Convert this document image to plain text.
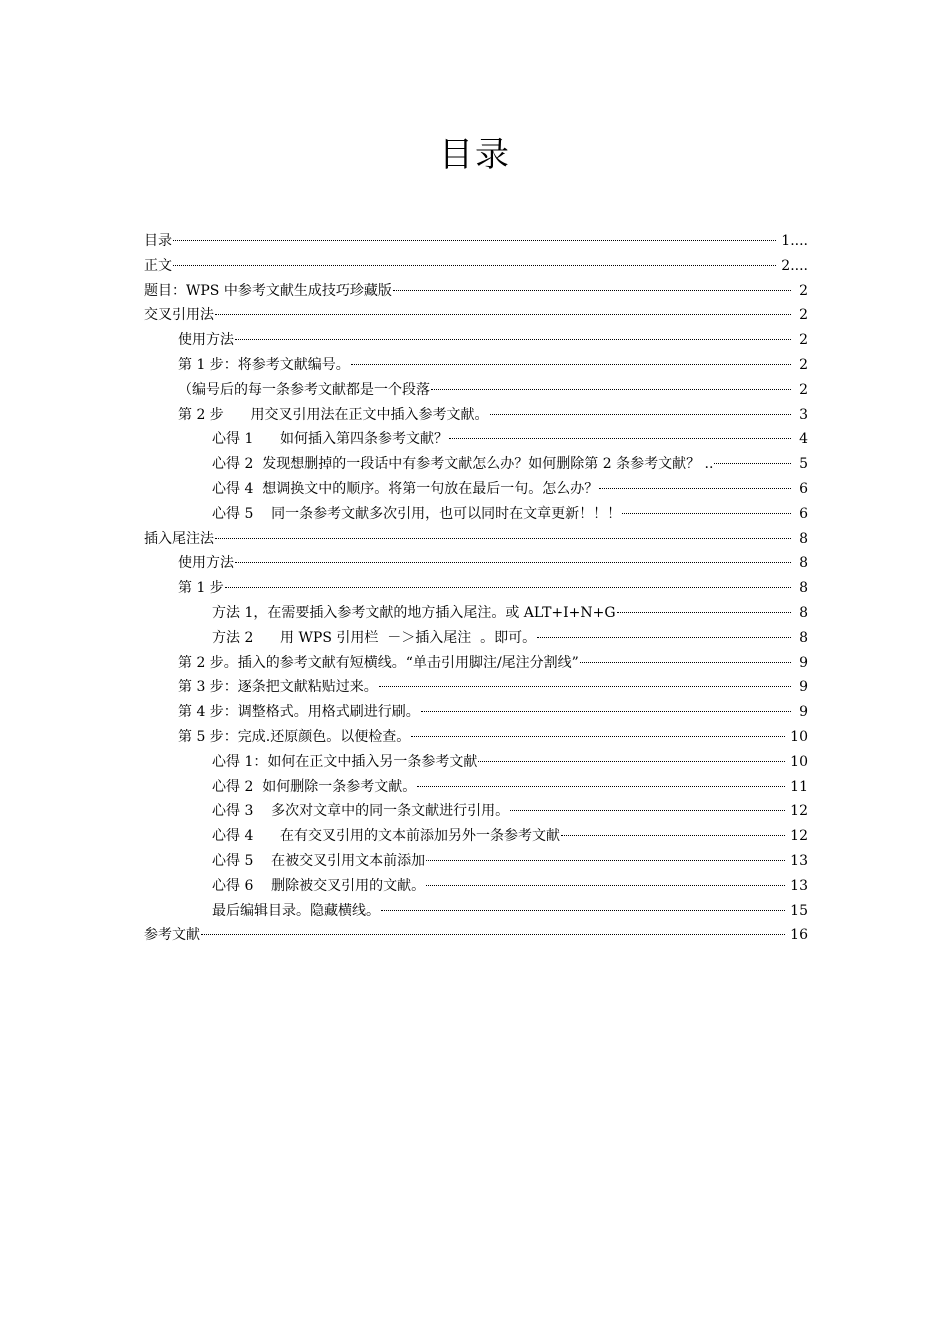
目录
目录	1....
正文	2....
题目：WPS 中参考文献生成技巧珍藏版	2
交叉引用法	2
使用方法	2
第 1 步：将参考文献编号。	2
（编号后的每一条参考文献都是一个段落	2
第 2 步      用交叉引用法在正文中插入参考文献。	3
心得 1      如何插入第四条参考文献？	4
心得 2  发现想删掉的一段话中有参考文献怎么办？如何删除第 2 条参考文献？ ..	5
心得 4  想调换文中的顺序。将第一句放在最后一句。怎么办？	6
心得 5    同一条参考文献多次引用，也可以同时在文章更新！！！	6
插入尾注法	8
使用方法	8
第 1 步	8
方法 1，在需要插入参考文献的地方插入尾注。或 ALT+I+N+G	8
方法 2      用 WPS 引用栏  －＞插入尾注  。即可。	8
第 2 步。插入的参考文献有短横线。“单击引用脚注/尾注分割线”	9
第 3 步：逐条把文献粘贴过来。	9
第 4 步：调整格式。用格式刷进行刷。	9
第 5 步：完成.还原颜色。以便检查。	10
心得 1：如何在正文中插入另一条参考文献	10
心得 2  如何删除一条参考文献。	11
心得 3    多次对文章中的同一条文献进行引用。	12
心得 4      在有交叉引用的文本前添加另外一条参考文献	12
心得 5    在被交叉引用文本前添加	13
心得 6    删除被交叉引用的文献。	13
最后编辑目录。隐藏横线。	15
参考文献	16
